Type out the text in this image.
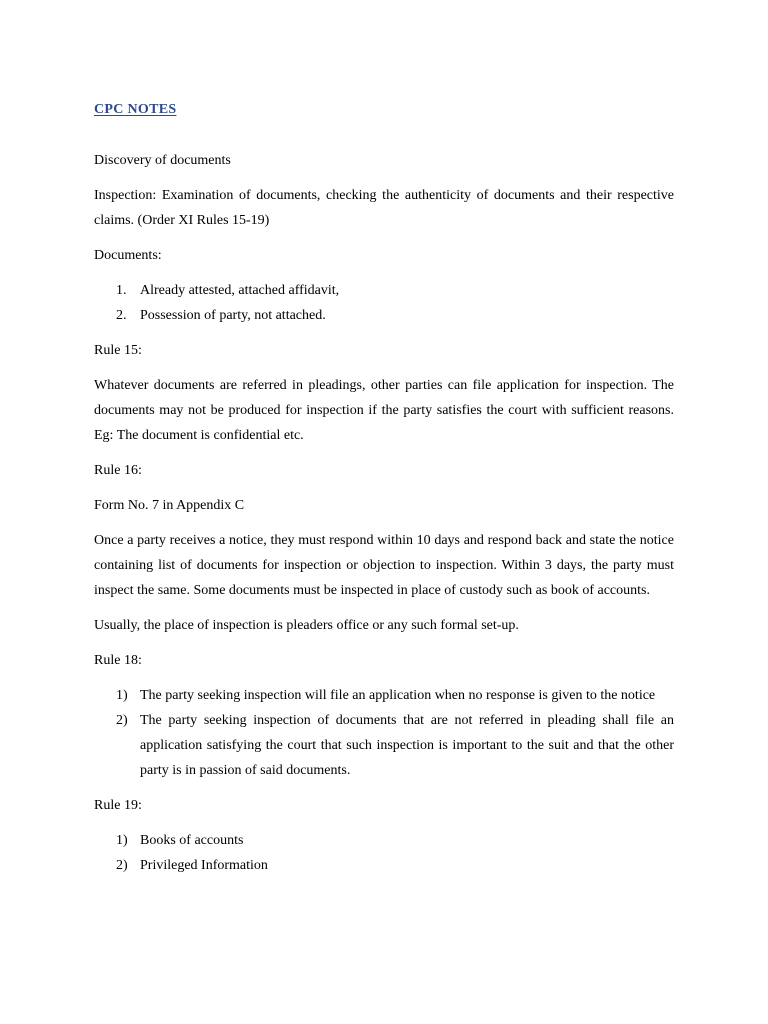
CPC NOTES

Discovery of documents

Inspection: Examination of documents, checking the authenticity of documents and their respective claims. (Order XI Rules 15-19)

Documents:

1. Already attested, attached affidavit,
2. Possession of party, not attached.

Rule 15:

Whatever documents are referred in pleadings, other parties can file application for inspection. The documents may not be produced for inspection if the party satisfies the court with sufficient reasons. Eg: The document is confidential etc.

Rule 16:

Form No. 7 in Appendix C

Once a party receives a notice, they must respond within 10 days and respond back and state the notice containing list of documents for inspection or objection to inspection. Within 3 days, the party must inspect the same. Some documents must be inspected in place of custody such as book of accounts.

Usually, the place of inspection is pleaders office or any such formal set-up.

Rule 18:

1) The party seeking inspection will file an application when no response is given to the notice
2) The party seeking inspection of documents that are not referred in pleading shall file an application satisfying the court that such inspection is important to the suit and that the other party is in passion of said documents.

Rule 19:

1) Books of accounts
2) Privileged Information
